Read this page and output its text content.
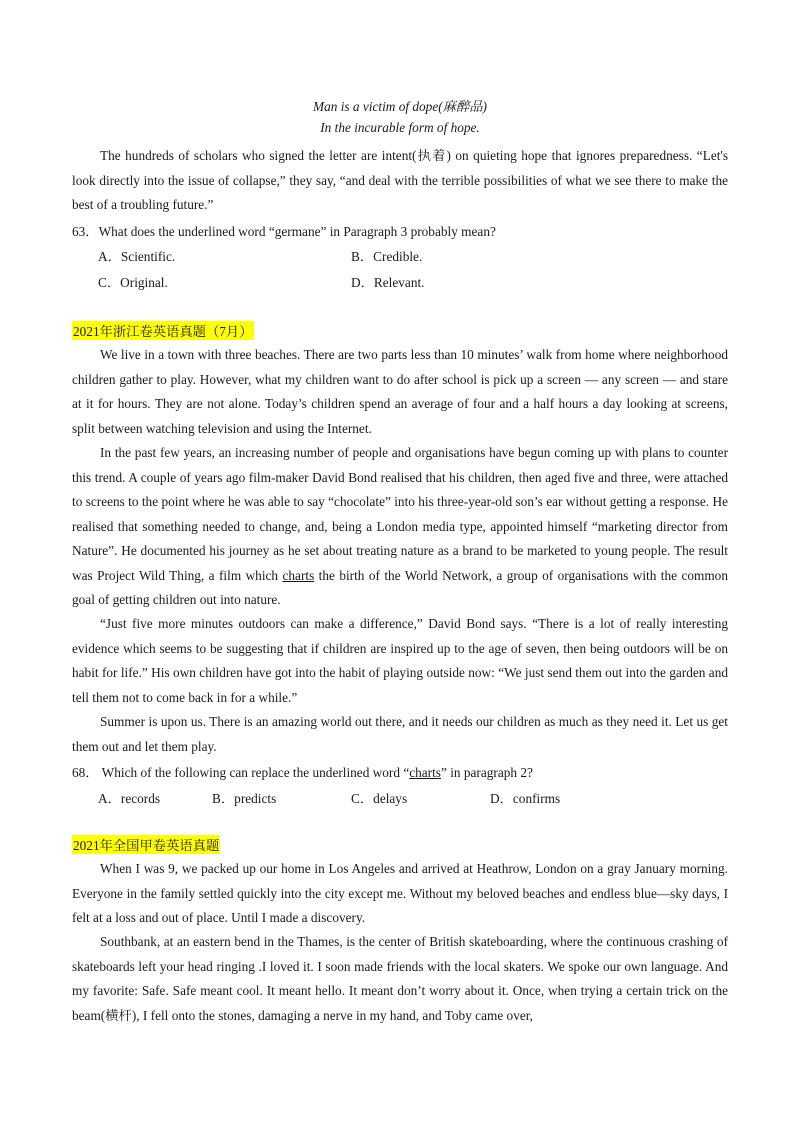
Man is a victim of dope(麻醉品)
In the incurable form of hope.

The hundreds of scholars who signed the letter are intent(执着) on quieting hope that ignores preparedness. “Let's look directly into the issue of collapse,” they say, “and deal with the terrible possibilities of what we see there to make the best of a troubling future.”

63．What does the underlined word “germane” in Paragraph 3 probably mean?

A．Scientific.	B．Credible.

C．Original.	D．Relevant.

2021年浙江卷英语真题（7月）

We live in a town with three beaches. There are two parts less than 10 minutes’ walk from home where neighborhood children gather to play. However, what my children want to do after school is pick up a screen — any screen — and stare at it for hours. They are not alone. Today’s children spend an average of four and a half hours a day looking at screens, split between watching television and using the Internet.

In the past few years, an increasing number of people and organisations have begun coming up with plans to counter this trend. A couple of years ago film-maker David Bond realised that his children, then aged five and three, were attached to screens to the point where he was able to say “chocolate” into his three-year-old son’s ear without getting a response. He realised that something needed to change, and, being a London media type, appointed himself “marketing director from Nature”. He documented his journey as he set about treating nature as a brand to be marketed to young people. The result was Project Wild Thing, a film which charts the birth of the World Network, a group of organisations with the common goal of getting children out into nature.

“Just five more minutes outdoors can make a difference,” David Bond says. “There is a lot of really interesting evidence which seems to be suggesting that if children are inspired up to the age of seven, then being outdoors will be on habit for life.” His own children have got into the habit of playing outside now: “We just send them out into the garden and tell them not to come back in for a while.”

Summer is upon us. There is an amazing world out there, and it needs our children as much as they need it. Let us get them out and let them play.

68． Which of the following can replace the underlined word “charts” in paragraph 2?

A．records	B．predicts	C．delays	D．confirms

2021年全国甲卷英语真题

When I was 9, we packed up our home in Los Angeles and arrived at Heathrow, London on a gray January morning. Everyone in the family settled quickly into the city except me. Without my beloved beaches and endless blue—sky days, I felt at a loss and out of place. Until I made a discovery.

Southbank, at an eastern bend in the Thames, is the center of British skateboarding, where the continuous crashing of skateboards left your head ringing .I loved it. I soon made friends with the local skaters. We spoke our own language. And my favorite: Safe. Safe meant cool. It meant hello. It meant don’t worry about it. Once, when trying a certain trick on the beam(横杆), I fell onto the stones, damaging a nerve in my hand, and Toby came over,
